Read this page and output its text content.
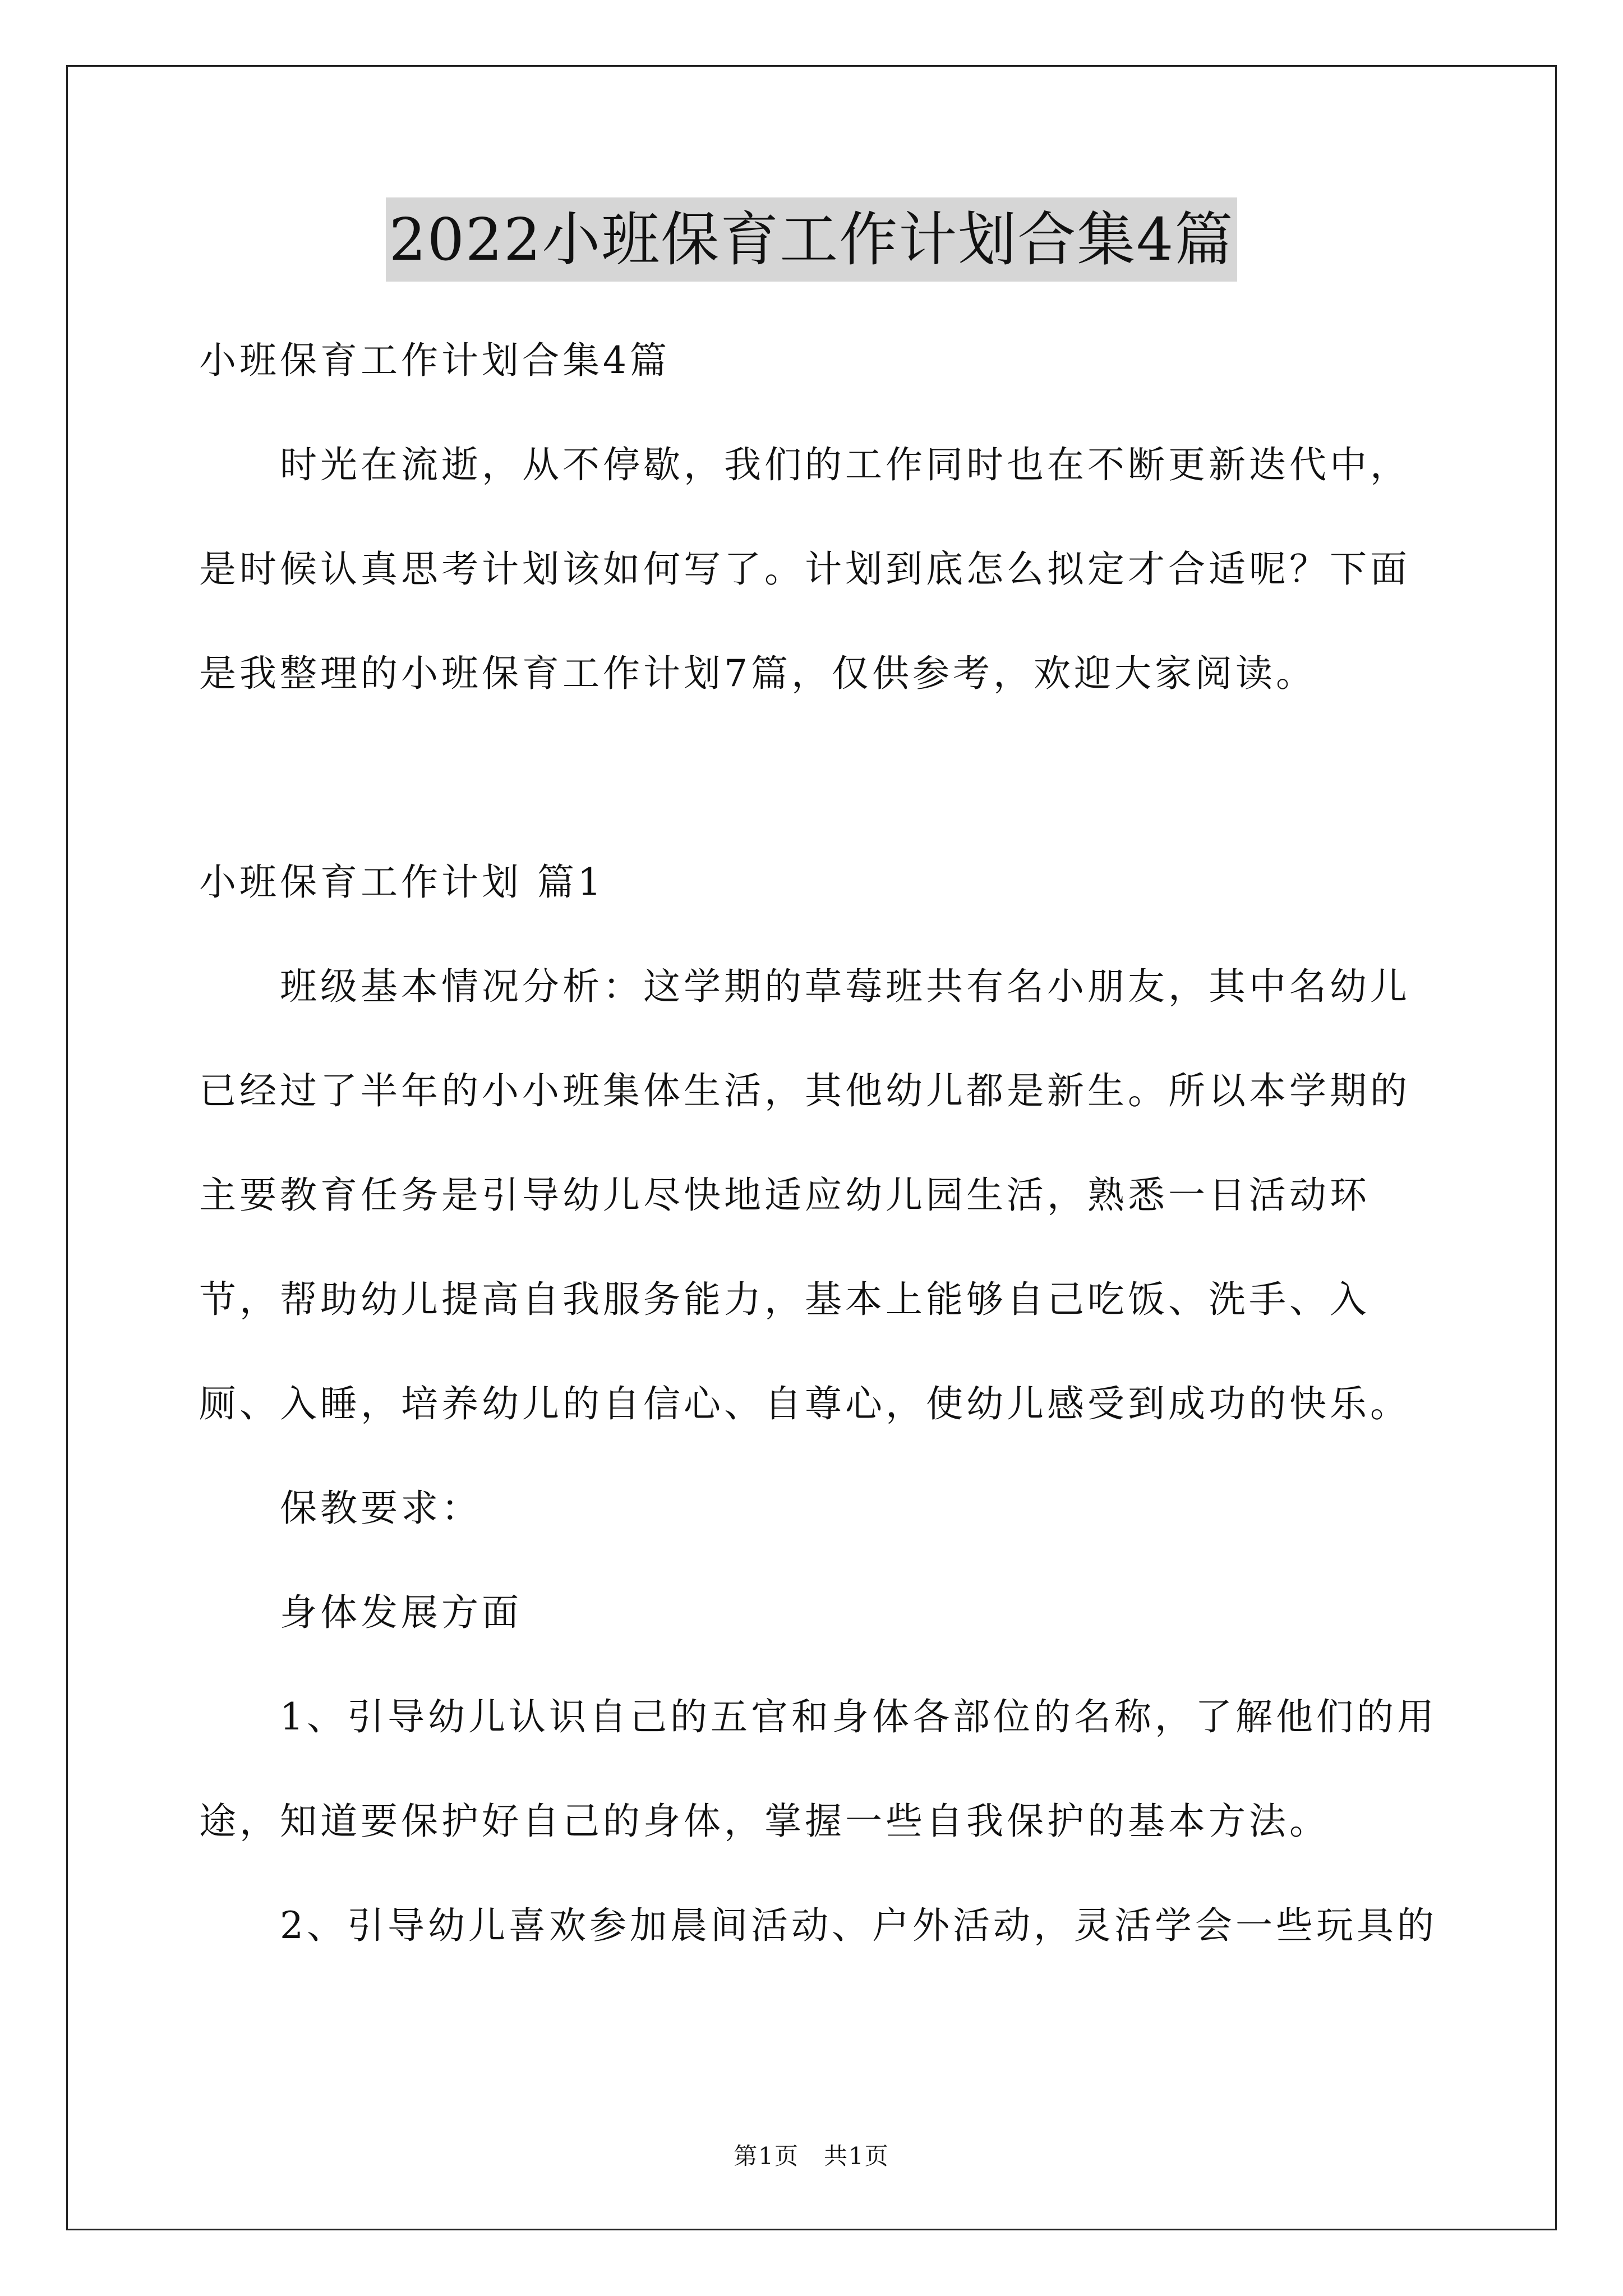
2022小班保育工作计划合集4篇

小班保育工作计划合集4篇

时光在流逝，从不停歇，我们的工作同时也在不断更新迭代中，是时候认真思考计划该如何写了。计划到底怎么拟定才合适呢？下面是我整理的小班保育工作计划7篇，仅供参考，欢迎大家阅读。

小班保育工作计划 篇1

班级基本情况分析：这学期的草莓班共有名小朋友，其中名幼儿已经过了半年的小小班集体生活，其他幼儿都是新生。所以本学期的主要教育任务是引导幼儿尽快地适应幼儿园生活，熟悉一日活动环节，帮助幼儿提高自我服务能力，基本上能够自己吃饭、洗手、入厕、入睡，培养幼儿的自信心、自尊心，使幼儿感受到成功的快乐。

保教要求：

身体发展方面

1、引导幼儿认识自己的五官和身体各部位的名称，了解他们的用途，知道要保护好自己的身体，掌握一些自我保护的基本方法。

2、引导幼儿喜欢参加晨间活动、户外活动，灵活学会一些玩具的

第1页　共1页
